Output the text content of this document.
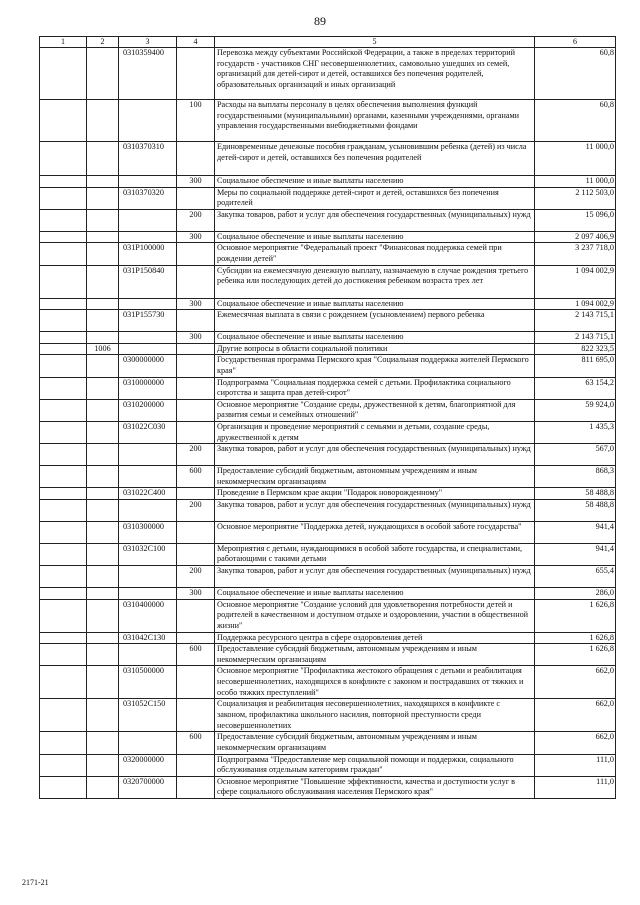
89
1	2	3	4	5	6
		0310359400		Перевозка между субъектами Российской Федерации, а также в пределах территорий государств - участников СНГ несовершеннолетних, самовольно ушедших из семей, организаций для детей-сирот и детей, оставшихся без попечения родителей, образовательных организаций и иных организаций	60,8
			100	Расходы на выплаты персоналу в целях обеспечения выполнения функций государственными (муниципальными) органами, казенными учреждениями, органами управления государственными внебюджетными фондами	60,8
		0310370310		Единовременные денежные пособия гражданам, усыновившим ребенка (детей) из числа детей-сирот и детей, оставшихся без попечения родителей	11 000,0
			300	Социальное обеспечение и иные выплаты населению	11 000,0
		0310370320		Меры по социальной поддержке детей-сирот и детей, оставшихся без попечения родителей	2 112 503,0
			200	Закупка товаров, работ и услуг для обеспечения государственных (муниципальных) нужд	15 096,0
			300	Социальное обеспечение и иные выплаты населению	2 097 406,9
		031P100000		Основное мероприятие "Федеральный проект "Финансовая поддержка семей при рождении детей"	3 237 718,0
		031P150840		Субсидии на ежемесячную денежную выплату, назначаемую в случае рождения третьего ребенка или последующих детей до достижения ребенком возраста трех лет	1 094 002,9
			300	Социальное обеспечение и иные выплаты населению	1 094 002,9
		031P155730		Ежемесячная выплата в связи с рождением (усыновлением) первого ребенка	2 143 715,1
			300	Социальное обеспечение и иные выплаты населению	2 143 715,1
	1006			Другие вопросы в области социальной политики	822 323,5
		0300000000		Государственная программа Пермского края "Социальная поддержка жителей Пермского края"	811 695,0
		0310000000		Подпрограмма "Социальная поддержка семей с детьми. Профилактика социального сиротства и защита прав детей-сирот"	63 154,2
		0310200000		Основное мероприятие "Создание среды, дружественной к детям, благоприятной для развития семьи и семейных отношений"	59 924,0
		031022С030		Организация и проведение мероприятий с семьями и детьми, создание среды, дружественной к детям	1 435,3
			200	Закупка товаров, работ и услуг для обеспечения государственных (муниципальных) нужд	567,0
			600	Предоставление субсидий бюджетным, автономным учреждениям и иным некоммерческим организациям	868,3
		031022С400		Проведение в Пермском крае акции "Подарок новорожденному"	58 488,8
			200	Закупка товаров, работ и услуг для обеспечения государственных (муниципальных) нужд	58 488,8
		0310300000		Основное мероприятие "Поддержка детей, нуждающихся в особой заботе государства"	941,4
		031032С100		Мероприятия с детьми, нуждающимися в особой заботе государства, и специалистами, работающими с такими детьми	941,4
			200	Закупка товаров, работ и услуг для обеспечения государственных (муниципальных) нужд	655,4
			300	Социальное обеспечение и иные выплаты населению	286,0
		0310400000		Основное мероприятие "Создание условий для удовлетворения потребности детей и родителей в качественном и доступном отдыхе и оздоровлении, участии в общественной жизни"	1 626,8
		031042С130		Поддержка ресурсного центра в сфере оздоровления детей	1 626,8
			600	Предоставление субсидий бюджетным, автономным учреждениям и иным некоммерческим организациям	1 626,8
		0310500000		Основное мероприятие "Профилактика жестокого обращения с детьми и реабилитация несовершеннолетних, находящихся в конфликте с законом и пострадавших от тяжких и особо тяжких преступлений"	662,0
		031052С150		Социализация и реабилитация несовершеннолетних, находящихся в конфликте с законом, профилактика школьного насилия, повторной преступности среди несовершеннолетних	662,0
			600	Предоставление субсидий бюджетным, автономным учреждениям и иным некоммерческим организациям	662,0
		0320000000		Подпрограмма "Предоставление мер социальной помощи и поддержки, социального обслуживания отдельным категориям граждан"	111,0
		0320700000		Основное мероприятие "Повышение эффективности, качества и доступности услуг в сфере социального обслуживания населения Пермского края"	111,0
2171-21
